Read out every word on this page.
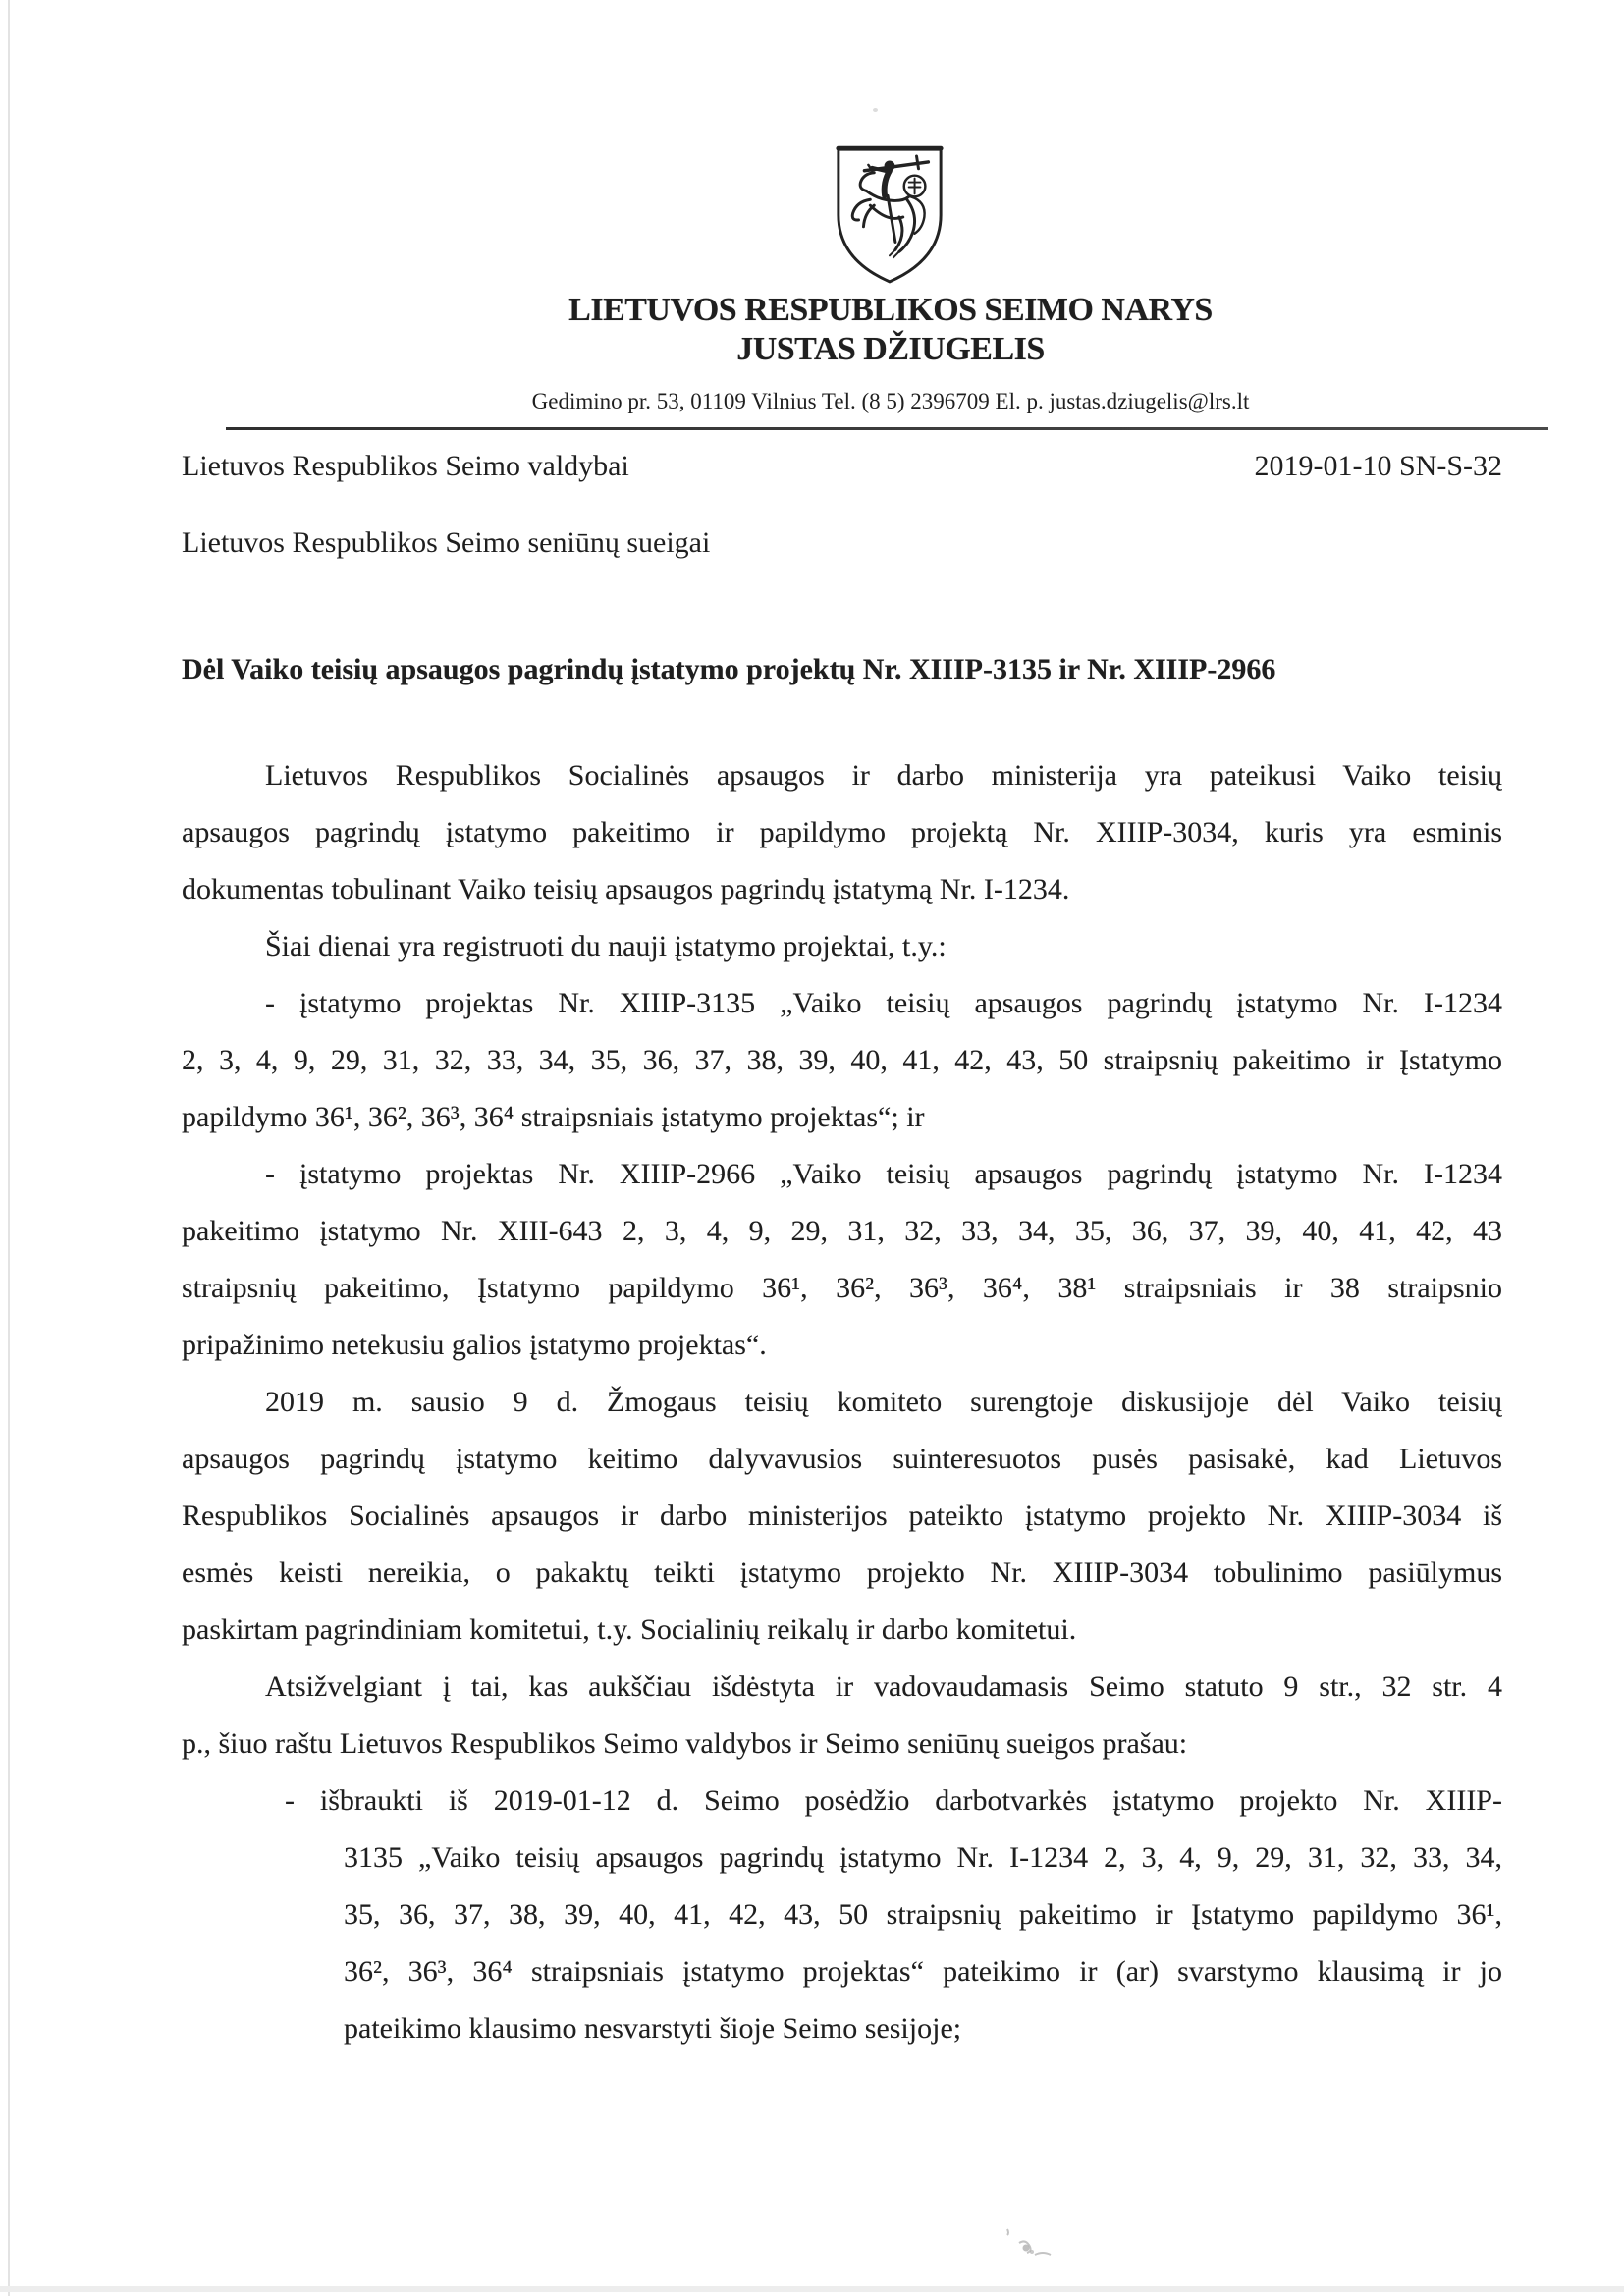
LIETUVOS RESPUBLIKOS SEIMO NARYS
JUSTAS DŽIUGELIS
Gedimino pr. 53, 01109 Vilnius Tel. (8 5) 2396709 El. p. justas.dziugelis@lrs.lt
Lietuvos Respublikos Seimo valdybai	2019-01-10 SN-S-32
Lietuvos Respublikos Seimo seniūnų sueigai
Dėl Vaiko teisių apsaugos pagrindų įstatymo projektų Nr. XIIIP-3135 ir Nr. XIIIP-2966
Lietuvos Respublikos Socialinės apsaugos ir darbo ministerija yra pateikusi Vaiko teisių
apsaugos pagrindų įstatymo pakeitimo ir papildymo projektą Nr. XIIIP-3034, kuris yra esminis
dokumentas tobulinant Vaiko teisių apsaugos pagrindų įstatymą Nr. I-1234.
Šiai dienai yra registruoti du nauji įstatymo projektai, t.y.:
- įstatymo projektas Nr. XIIIP-3135 „Vaiko teisių apsaugos pagrindų įstatymo Nr. I-1234
2, 3, 4, 9, 29, 31, 32, 33, 34, 35, 36, 37, 38, 39, 40, 41, 42, 43, 50 straipsnių pakeitimo ir Įstatymo
papildymo 36¹, 36², 36³, 36⁴ straipsniais įstatymo projektas“; ir
- įstatymo projektas Nr. XIIIP-2966 „Vaiko teisių apsaugos pagrindų įstatymo Nr. I-1234
pakeitimo įstatymo Nr. XIII-643 2, 3, 4, 9, 29, 31, 32, 33, 34, 35, 36, 37, 39, 40, 41, 42, 43
straipsnių pakeitimo, Įstatymo papildymo 36¹, 36², 36³, 36⁴, 38¹ straipsniais ir 38 straipsnio
pripažinimo netekusiu galios įstatymo projektas“.
2019 m. sausio 9 d. Žmogaus teisių komiteto surengtoje diskusijoje dėl Vaiko teisių
apsaugos pagrindų įstatymo keitimo dalyvavusios suinteresuotos pusės pasisakė, kad Lietuvos
Respublikos Socialinės apsaugos ir darbo ministerijos pateikto įstatymo projekto Nr. XIIIP-3034 iš
esmės keisti nereikia, o pakaktų teikti įstatymo projekto Nr. XIIIP-3034 tobulinimo pasiūlymus
paskirtam pagrindiniam komitetui, t.y. Socialinių reikalų ir darbo komitetui.
Atsižvelgiant į tai, kas aukščiau išdėstyta ir vadovaudamasis Seimo statuto 9 str., 32 str. 4
p., šiuo raštu Lietuvos Respublikos Seimo valdybos ir Seimo seniūnų sueigos prašau:
- išbraukti iš 2019-01-12 d. Seimo posėdžio darbotvarkės įstatymo projekto Nr. XIIIP-
3135 „Vaiko teisių apsaugos pagrindų įstatymo Nr. I-1234 2, 3, 4, 9, 29, 31, 32, 33, 34,
35, 36, 37, 38, 39, 40, 41, 42, 43, 50 straipsnių pakeitimo ir Įstatymo papildymo 36¹,
36², 36³, 36⁴ straipsniais įstatymo projektas“ pateikimo ir (ar) svarstymo klausimą ir jo
pateikimo klausimo nesvarstyti šioje Seimo sesijoje;
